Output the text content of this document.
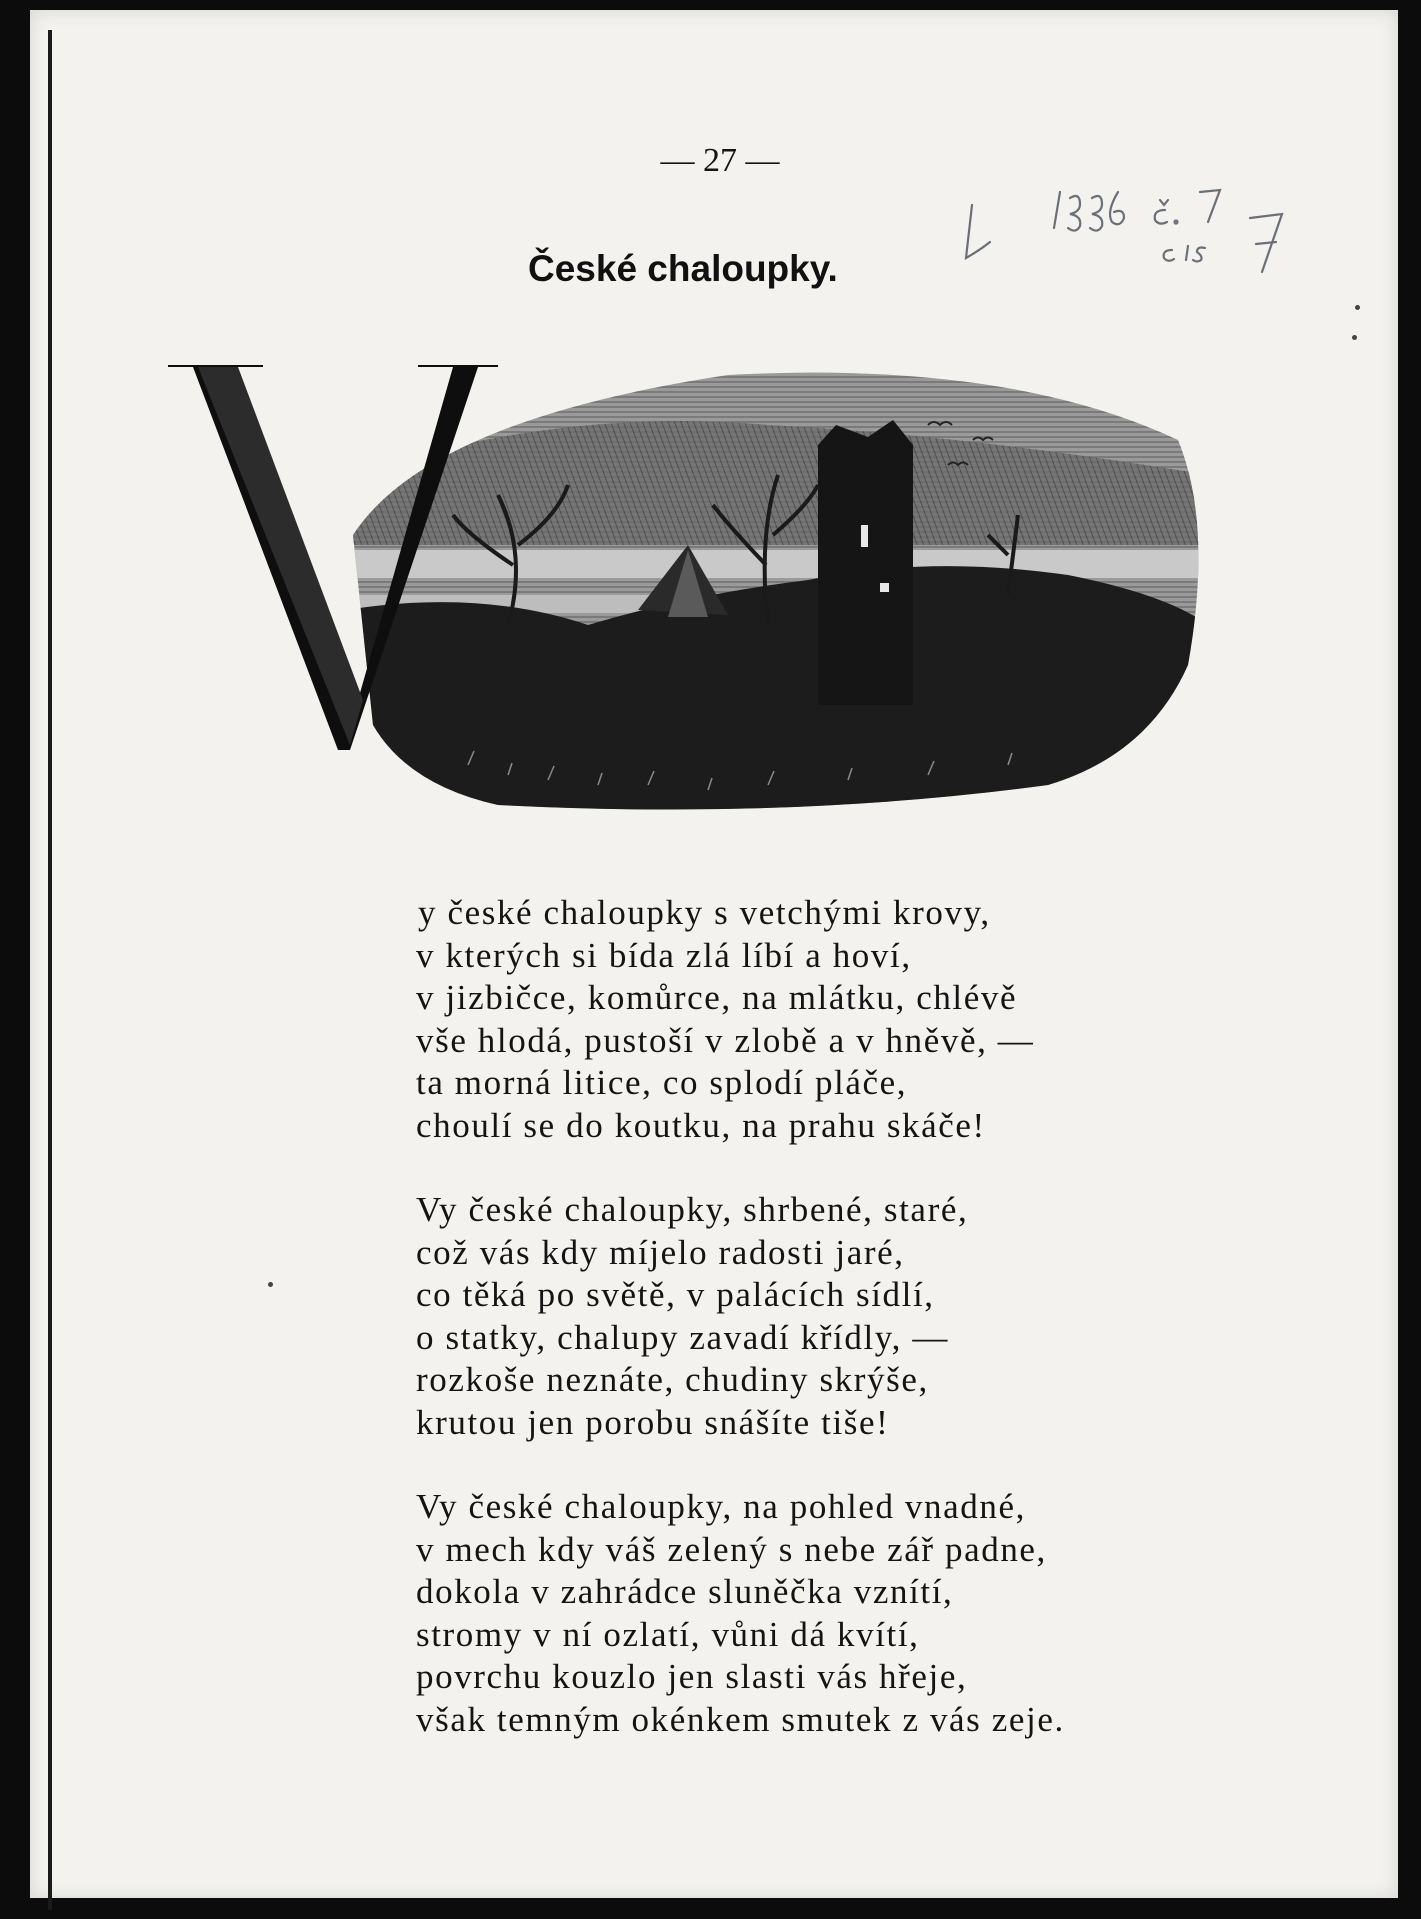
— 27 —
České chaloupky.
y české chaloupky s vetchými krovy,
v kterých si bída zlá líbí a hoví,
v jizbičce, komůrce, na mlátku, chlévě
vše hlodá, pustoší v zlobě a v hněvě, —
ta morná litice, co splodí pláče,
choulí se do koutku, na prahu skáče!
Vy české chaloupky, shrbené, staré,
což vás kdy míjelo radosti jaré,
co těká po světě, v palácích sídlí,
o statky, chalupy zavadí křídly, —
rozkoše neznáte, chudiny skrýše,
krutou jen porobu snášíte tiše!
Vy české chaloupky, na pohled vnadné,
v mech kdy váš zelený s nebe zář padne,
dokola v zahrádce sluněčka vznítí,
stromy v ní ozlatí, vůni dá kvítí,
povrchu kouzlo jen slasti vás hřeje,
však temným okénkem smutek z vás zeje.
